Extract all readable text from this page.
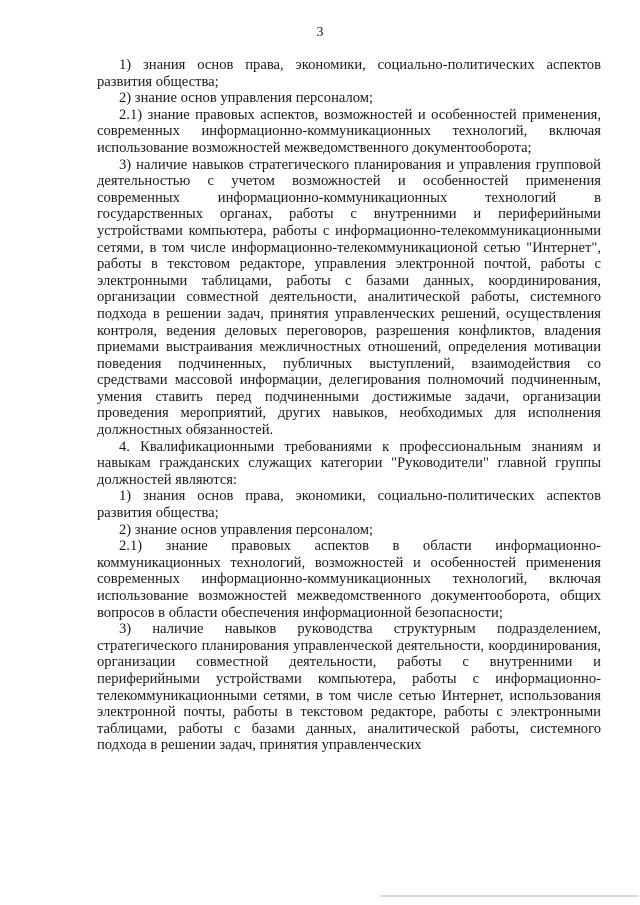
3

1) знания основ права, экономики, социально-политических аспектов развития общества;

2) знание основ управления персоналом;

2.1) знание правовых аспектов, возможностей и особенностей применения, современных информационно-коммуникационных технологий, включая использование возможностей межведомственного документооборота;

3) наличие навыков стратегического планирования и управления групповой деятельностью с учетом возможностей и особенностей применения современных информационно-коммуникационных технологий в государственных органах, работы с внутренними и периферийными устройствами компьютера, работы с информационно-телекоммуникационными сетями, в том числе информационно-телекоммуникационой сетью "Интернет", работы в текстовом редакторе, управления электронной почтой, работы с электронными таблицами, работы с базами данных, координирования, организации совместной деятельности, аналитической работы, системного подхода в решении задач, принятия управленческих решений, осуществления контроля, ведения деловых переговоров, разрешения конфликтов, владения приемами выстраивания межличностных отношений, определения мотивации поведения подчиненных, публичных выступлений, взаимодействия со средствами массовой информации, делегирования полномочий подчиненным, умения ставить перед подчиненными достижимые задачи, организации проведения мероприятий, других навыков, необходимых для исполнения должностных обязанностей.

4. Квалификационными требованиями к профессиональным знаниям и навыкам гражданских служащих категории "Руководители" главной группы должностей являются:

1) знания основ права, экономики, социально-политических аспектов развития общества;

2) знание основ управления персоналом;

2.1) знание правовых аспектов в области информационно-коммуникационных технологий, возможностей и особенностей применения современных информационно-коммуникационных технологий, включая использование возможностей межведомственного документооборота, общих вопросов в области обеспечения информационной безопасности;

3) наличие навыков руководства структурным подразделением, стратегического планирования управленческой деятельности, координирования, организации совместной деятельности, работы с внутренними и периферийными устройствами компьютера, работы с информационно-телекоммуникационными сетями, в том числе сетью Интернет, использования электронной почты, работы в текстовом редакторе, работы с электронными таблицами, работы с базами данных, аналитической работы, системного подхода в решении задач, принятия управленческих
